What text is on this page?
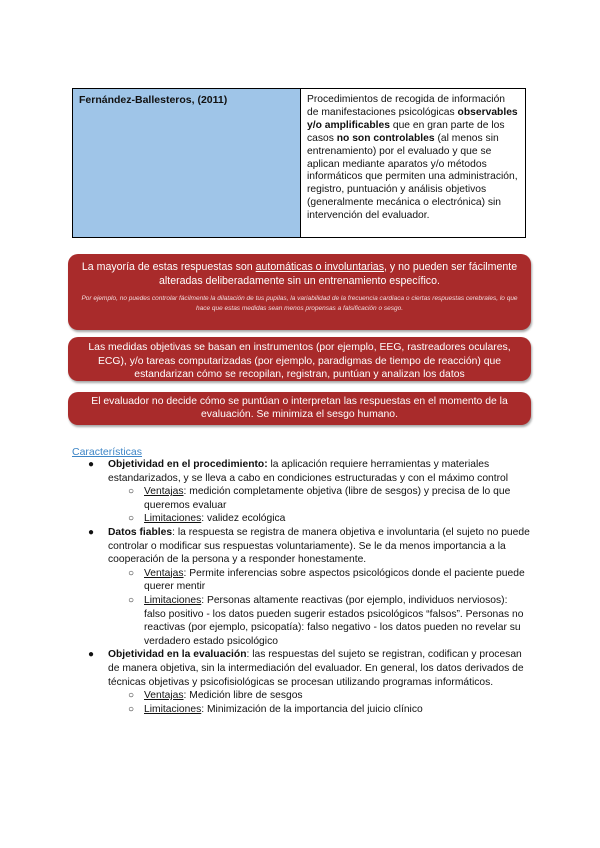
Fernández-Ballesteros, (2011)	Procedimientos de recogida de información de manifestaciones psicológicas observables y/o amplificables que en gran parte de los casos no son controlables (al menos sin entrenamiento) por el evaluado y que se aplican mediante aparatos y/o métodos informáticos que permiten una administración, registro, puntuación y análisis objetivos (generalmente mecánica o electrónica) sin intervención del evaluador.
La mayoría de estas respuestas son automáticas o involuntarias, y no pueden ser fácilmente alteradas deliberadamente sin un entrenamiento específico.
Por ejemplo, no puedes controlar fácilmente la dilatación de tus pupilas, la variabilidad de la frecuencia cardiaca o ciertas respuestas cerebrales, lo que hace que estas medidas sean menos propensas a falsificación o sesgo.
Las medidas objetivas se basan en instrumentos (por ejemplo, EEG, rastreadores oculares, ECG), y/o tareas computarizadas (por ejemplo, paradigmas de tiempo de reacción) que estandarizan cómo se recopilan, registran, puntúan y analizan los datos
El evaluador no decide cómo se puntúan o interpretan las respuestas en el momento de la evaluación. Se minimiza el sesgo humano.
Características
● Objetividad en el procedimiento: la aplicación requiere herramientas y materiales estandarizados, y se lleva a cabo en condiciones estructuradas y con el máximo control
○ Ventajas: medición completamente objetiva (libre de sesgos) y precisa de lo que queremos evaluar
○ Limitaciones: validez ecológica
● Datos fiables: la respuesta se registra de manera objetiva e involuntaria (el sujeto no puede controlar o modificar sus respuestas voluntariamente). Se le da menos importancia a la cooperación de la persona y a responder honestamente.
○ Ventajas: Permite inferencias sobre aspectos psicológicos donde el paciente puede querer mentir
○ Limitaciones: Personas altamente reactivas (por ejemplo, individuos nerviosos): falso positivo - los datos pueden sugerir estados psicológicos “falsos”. Personas no reactivas (por ejemplo, psicopatía): falso negativo - los datos pueden no revelar su verdadero estado psicológico
● Objetividad en la evaluación: las respuestas del sujeto se registran, codifican y procesan de manera objetiva, sin la intermediación del evaluador. En general, los datos derivados de técnicas objetivas y psicofisiológicas se procesan utilizando programas informáticos.
○ Ventajas: Medición libre de sesgos
○ Limitaciones: Minimización de la importancia del juicio clínico
